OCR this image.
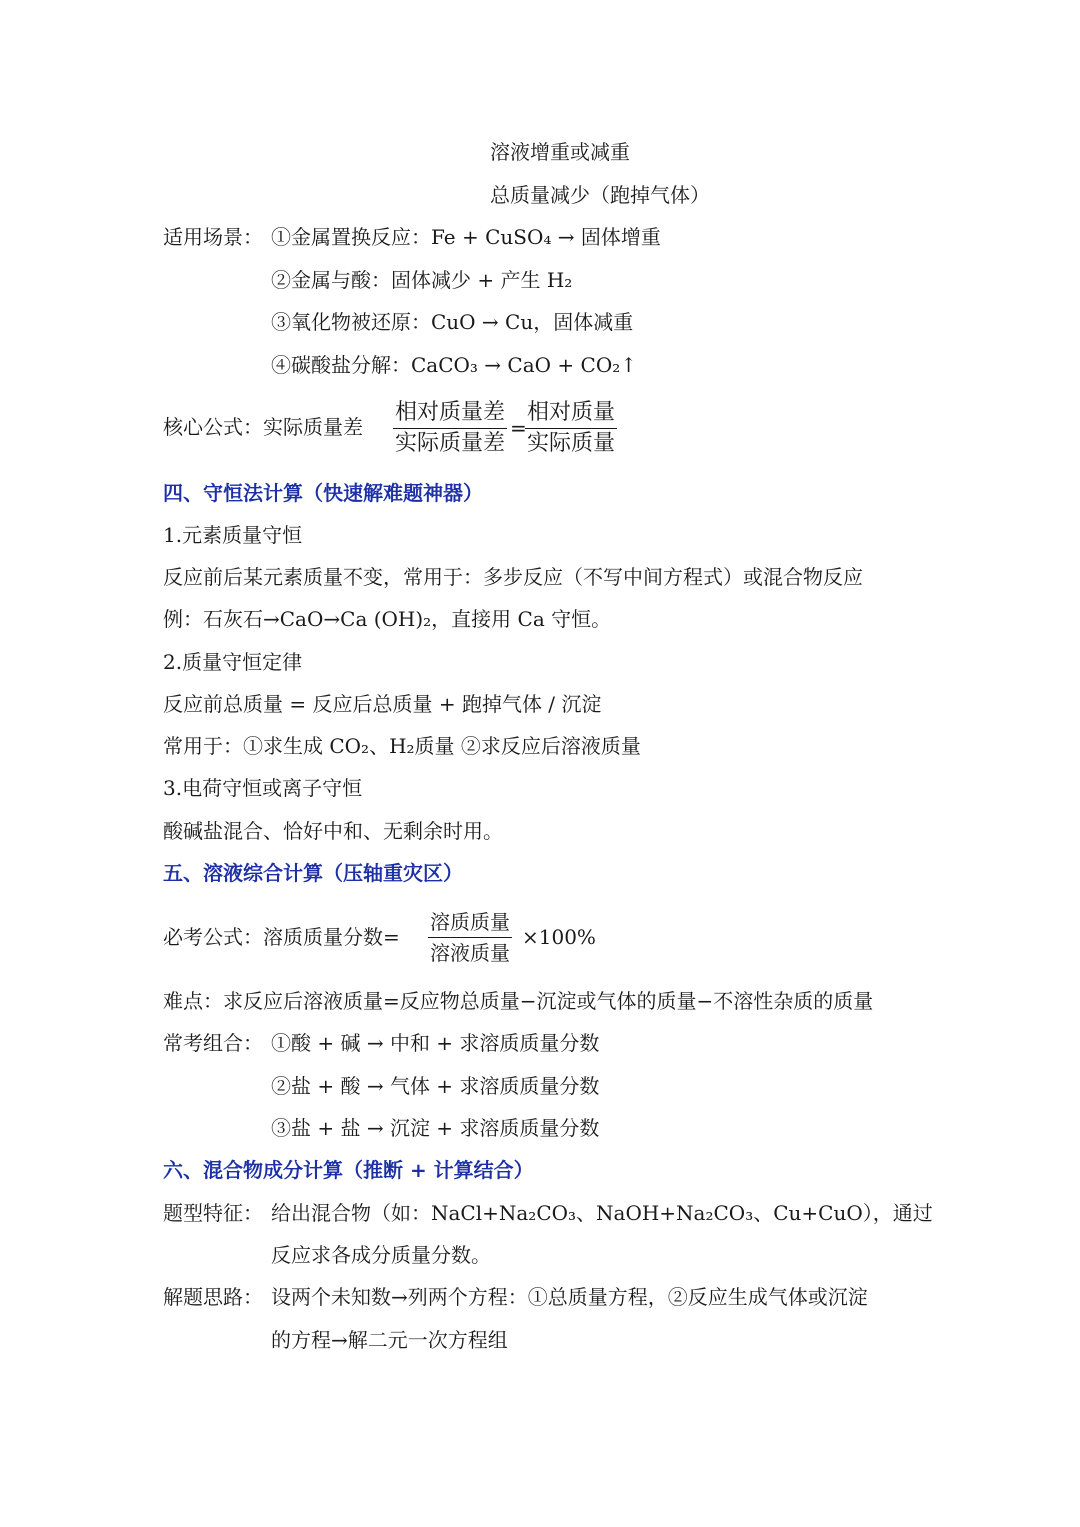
溶液增重或减重
总质量减少（跑掉气体）
适用场景： ①金属置换反应：Fe + CuSO₄ → 固体增重
②金属与酸：固体减少 + 产生 H₂
③氧化物被还原：CuO → Cu，固体减重
④碳酸盐分解：CaCO₃ → CaO + CO₂↑
核心公式：实际质量差
相对质量差
实际质量差
=
相对质量
实际质量
四、守恒法计算（快速解难题神器）
1.元素质量守恒
反应前后某元素质量不变，常用于：多步反应（不写中间方程式）或混合物反应
例：石灰石→CaO→Ca (OH)₂，直接用 Ca 守恒。
2.质量守恒定律
反应前总质量 = 反应后总质量 + 跑掉气体 / 沉淀
常用于：①求生成 CO₂、H₂质量 ②求反应后溶液质量
3.电荷守恒或离子守恒
酸碱盐混合、恰好中和、无剩余时用。
五、溶液综合计算（压轴重灾区）
必考公式：溶质质量分数=
溶质质量
溶液质量
×100%
难点：求反应后溶液质量=反应物总质量−沉淀或气体的质量−不溶性杂质的质量
常考组合： ①酸 + 碱 → 中和 + 求溶质质量分数
②盐 + 酸 → 气体 + 求溶质质量分数
③盐 + 盐 → 沉淀 + 求溶质质量分数
六、混合物成分计算（推断 + 计算结合）
题型特征： 给出混合物（如：NaCl+Na₂CO₃、NaOH+Na₂CO₃、Cu+CuO），通过
反应求各成分质量分数。
解题思路： 设两个未知数→列两个方程：①总质量方程，②反应生成气体或沉淀
的方程→解二元一次方程组
